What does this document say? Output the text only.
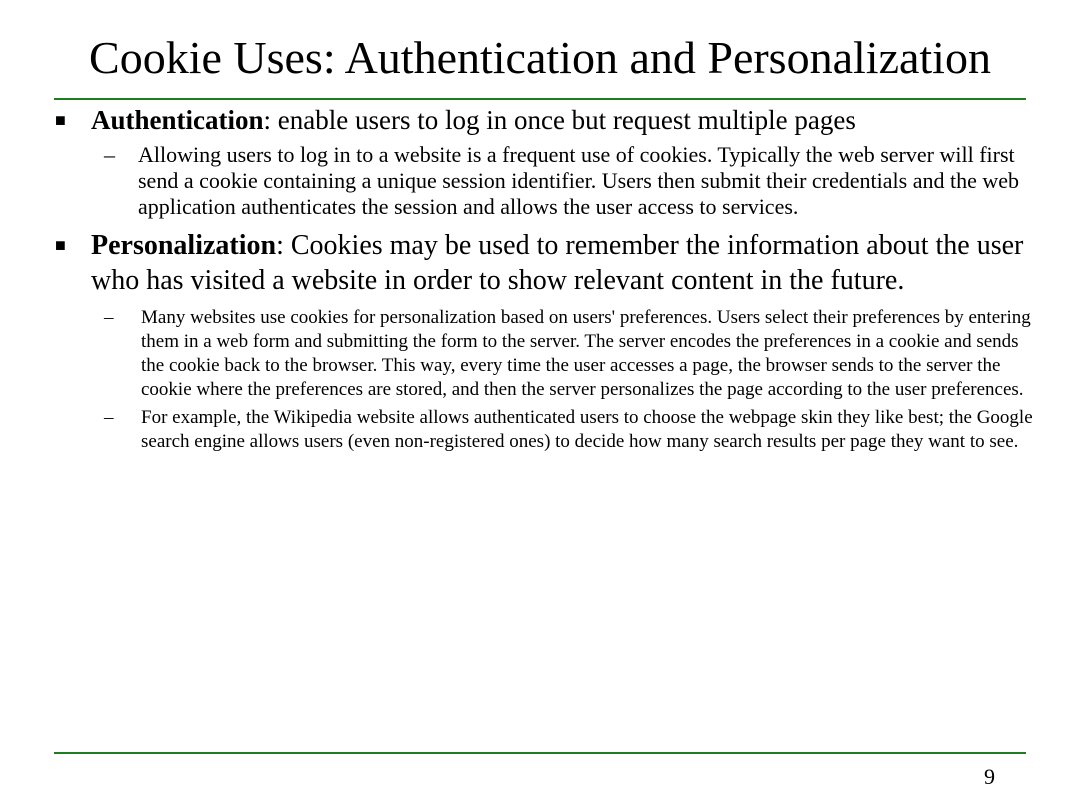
Cookie Uses: Authentication and Personalization
■ Authentication: enable users to log in once but request multiple pages
– Allowing users to log in to a website is a frequent use of cookies. Typically the web server will first send a cookie containing a unique session identifier. Users then submit their credentials and the web application authenticates the session and allows the user access to services.
■ Personalization: Cookies may be used to remember the information about the user who has visited a website in order to show relevant content in the future.
– Many websites use cookies for personalization based on users' preferences. Users select their preferences by entering them in a web form and submitting the form to the server. The server encodes the preferences in a cookie and sends the cookie back to the browser. This way, every time the user accesses a page, the browser sends to the server the cookie where the preferences are stored, and then the server personalizes the page according to the user preferences.
– For example, the Wikipedia website allows authenticated users to choose the webpage skin they like best; the Google search engine allows users (even non-registered ones) to decide how many search results per page they want to see.
9
